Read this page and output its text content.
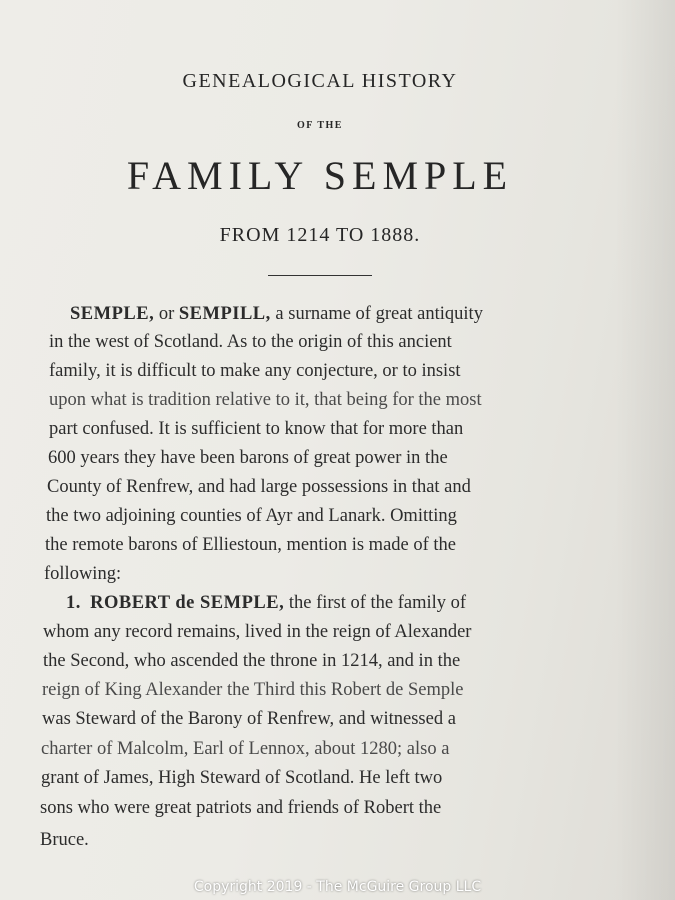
GENEALOGICAL HISTORY
OF THE
FAMILY SEMPLE
FROM 1214 TO 1888.
SEMPLE, or SEMPILL, a surname of great antiquity
in the west of Scotland. As to the origin of this ancient
family, it is difficult to make any conjecture, or to insist
upon what is tradition relative to it, that being for the most
part confused. It is sufficient to know that for more than
600 years they have been barons of great power in the
County of Renfrew, and had large possessions in that and
the two adjoining counties of Ayr and Lanark. Omitting
the remote barons of Elliestoun, mention is made of the
following:
1. ROBERT de SEMPLE, the first of the family of
whom any record remains, lived in the reign of Alexander
the Second, who ascended the throne in 1214, and in the
reign of King Alexander the Third this Robert de Semple
was Steward of the Barony of Renfrew, and witnessed a
charter of Malcolm, Earl of Lennox, about 1280; also a
grant of James, High Steward of Scotland. He left two
sons who were great patriots and friends of Robert the
Bruce.
Copyright 2019 - The McGuire Group LLC
